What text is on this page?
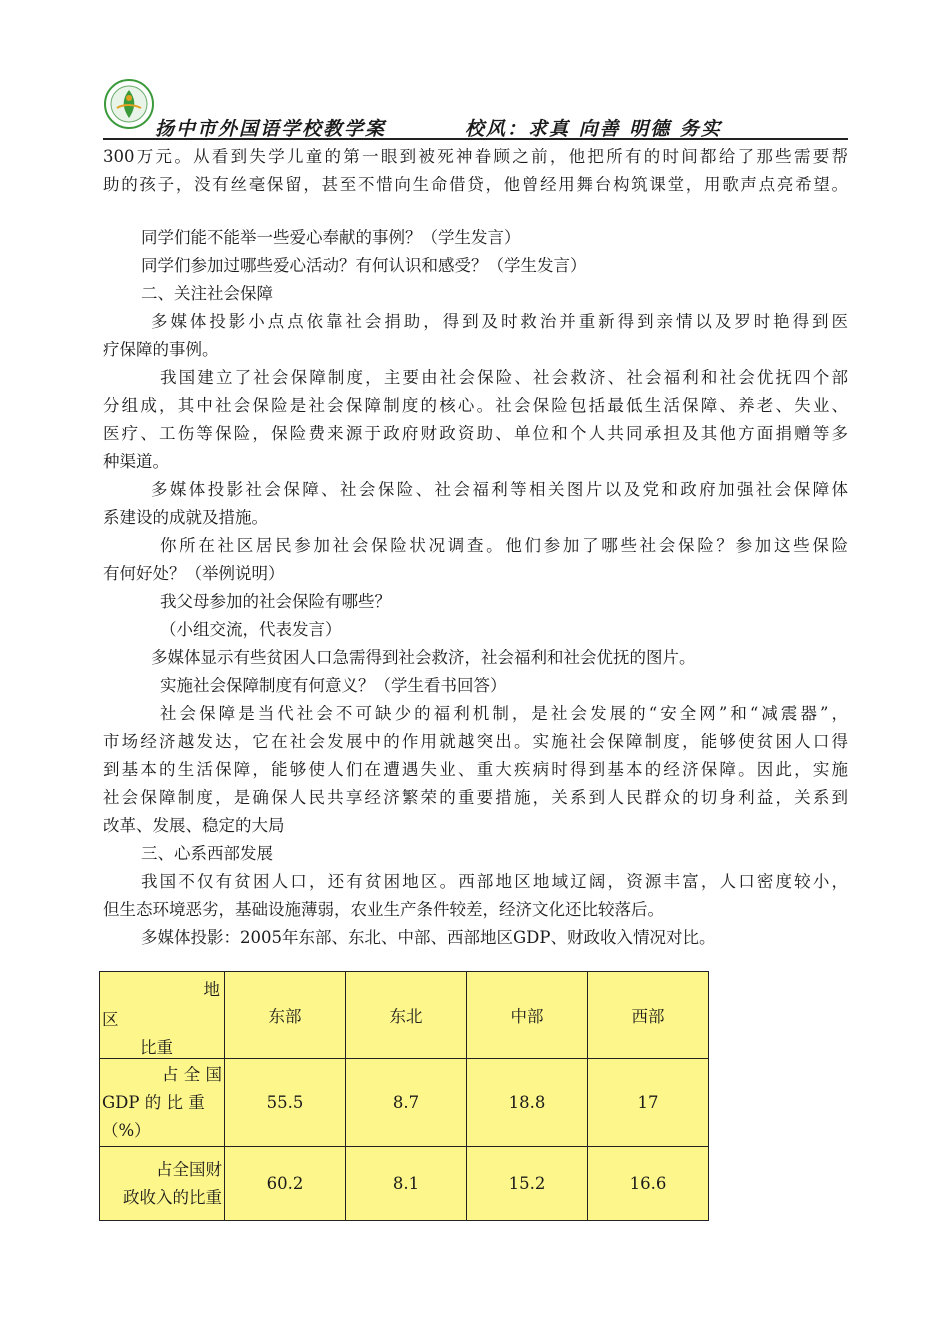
扬中市外国语学校教学案	校风：求真 向善 明德 务实
300万元。从看到失学儿童的第一眼到被死神眷顾之前，他把所有的时间都给了那些需要帮
助的孩子，没有丝毫保留，甚至不惜向生命借贷，他曾经用舞台构筑课堂，用歌声点亮希望。
同学们能不能举一些爱心奉献的事例？（学生发言）
同学们参加过哪些爱心活动？有何认识和感受？（学生发言）
二、关注社会保障
多媒体投影小点点依靠社会捐助，得到及时救治并重新得到亲情以及罗时艳得到医
疗保障的事例。
我国建立了社会保障制度，主要由社会保险、社会救济、社会福利和社会优抚四个部
分组成，其中社会保险是社会保障制度的核心。社会保险包括最低生活保障、养老、失业、
医疗、工伤等保险，保险费来源于政府财政资助、单位和个人共同承担及其他方面捐赠等多
种渠道。
多媒体投影社会保障、社会保险、社会福利等相关图片以及党和政府加强社会保障体
系建设的成就及措施。
你所在社区居民参加社会保险状况调查。他们参加了哪些社会保险？参加这些保险
有何好处？（举例说明）
我父母参加的社会保险有哪些？
（小组交流，代表发言）
多媒体显示有些贫困人口急需得到社会救济，社会福利和社会优抚的图片。
实施社会保障制度有何意义？（学生看书回答）
社会保障是当代社会不可缺少的福利机制，是社会发展的“安全网”和“减震器”，
市场经济越发达，它在社会发展中的作用就越突出。实施社会保障制度，能够使贫困人口得
到基本的生活保障，能够使人们在遭遇失业、重大疾病时得到基本的经济保障。因此，实施
社会保障制度，是确保人民共享经济繁荣的重要措施，关系到人民群众的切身利益，关系到
改革、发展、稳定的大局
三、心系西部发展
我国不仅有贫困人口，还有贫困地区。西部地区地域辽阔，资源丰富，人口密度较小，
但生态环境恶劣，基础设施薄弱，农业生产条件较差，经济文化还比较落后。
多媒体投影：2005年东部、东北、中部、西部地区GDP、财政收入情况对比。
地
区
比重	东部	东北	中部	西部

占 全 国
GDP 的 比 重
（%）	55.5	8.7	18.8	17

占全国财
政收入的比重	60.2	8.1	15.2	16.6
